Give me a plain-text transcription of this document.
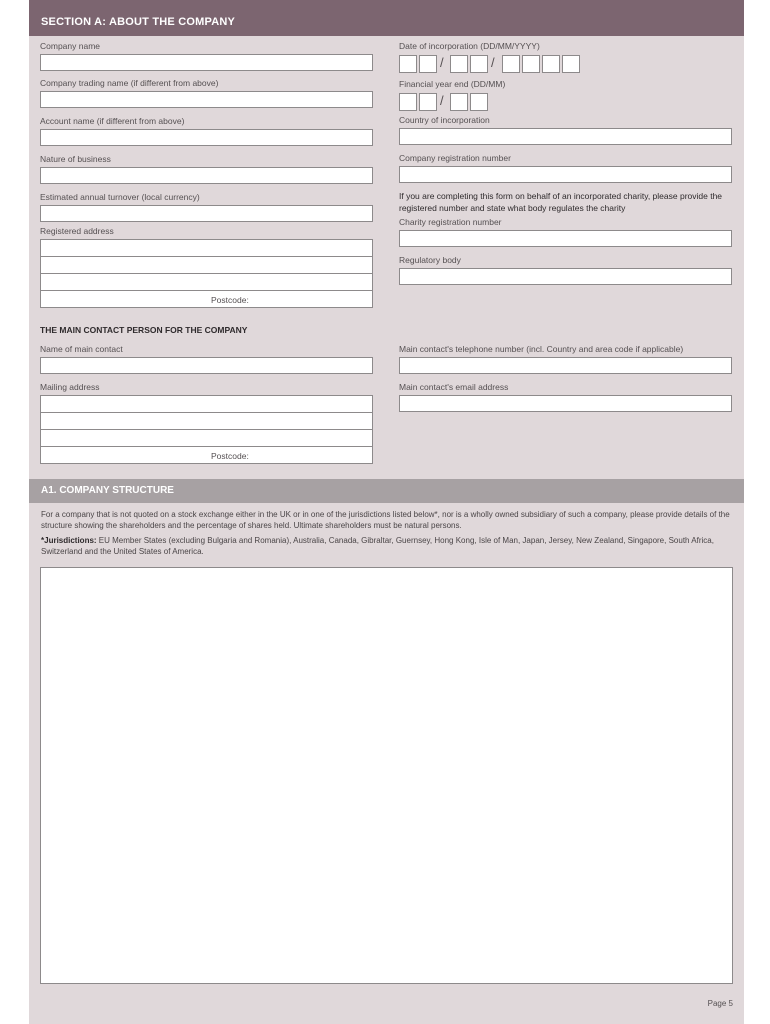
SECTION A: ABOUT THE COMPANY
Company name
Company trading name (if different from above)
Account name (if different from above)
Nature of business
Estimated annual turnover (local currency)
Registered address
Postcode:
Date of incorporation (DD/MM/YYYY)
/	/
Financial year end (DD/MM)
/
Country of incorporation
Company registration number
If you are completing this form on behalf of an incorporated charity, please provide the registered number and state what body regulates the charity
Charity registration number
Regulatory body
THE MAIN CONTACT PERSON FOR THE COMPANY
Name of main contact
Mailing address
Postcode:
Main contact's telephone number (incl. Country and area code if applicable)
Main contact's email address
A1. COMPANY STRUCTURE
For a company that is not quoted on a stock exchange either in the UK or in one of the jurisdictions listed below*, nor is a wholly owned subsidiary of such a company, please provide details of the structure showing the shareholders and the percentage of shares held. Ultimate shareholders must be natural persons.
*Jurisdictions: EU Member States (excluding Bulgaria and Romania), Australia, Canada, Gibraltar, Guernsey, Hong Kong, Isle of Man, Japan, Jersey, New Zealand, Singapore, South Africa, Switzerland and the United States of America.
Page 5
